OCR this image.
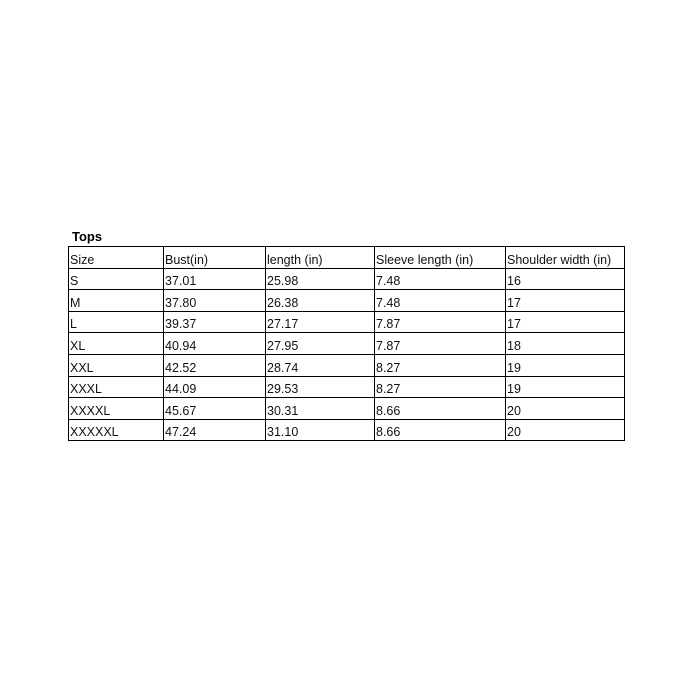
Tops
Size	Bust(in)	length (in)	Sleeve length (in)	Shoulder width (in)
S	37.01	25.98	7.48	16
M	37.80	26.38	7.48	17
L	39.37	27.17	7.87	17
XL	40.94	27.95	7.87	18
XXL	42.52	28.74	8.27	19
XXXL	44.09	29.53	8.27	19
XXXXL	45.67	30.31	8.66	20
XXXXXL	47.24	31.10	8.66	20
